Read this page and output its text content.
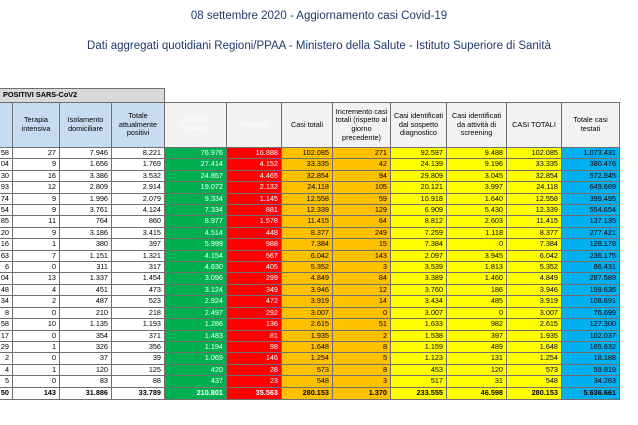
08 settembre 2020 - Aggiornamento casi Covid-19
Dati aggregati quotidiani Regioni/PPAA - Ministero della Salute - Istituto Superiore di Sanità
POSITIVI SARS-CoV2											
	Terapia intensiva	Isolamento domiciliare	Totale attualmente positivi	DIMESSI GUARITI	Deceduti	Casi totali	Incremento casi totali (rispetto al giorno precedente)	Casi identificati dal sospetto diagnostico	Casi identificati da attività di screening	CASI TOTALI	Totale casi testati
58	27	7.946	8.221	76.976	16.888	102.085	271	92.597	9.488	102.085	1.073.431
04	9	1.656	1.769	27.414	4.152	33.335	42	24.139	9.196	33.335	380.476
30	16	3.386	3.532	24.857	4.465	32.854	94	29.809	3.045	32.854	572.945
93	12	2.809	2.914	19.072	2.132	24.118	105	20.121	3.997	24.118	649.669
74	9	1.996	2.079	9.334	1.145	12.558	59	10.918	1.640	12.558	399.495
54	9	3.761	4.124	7.334	881	12.339	129	6.909	5.430	12.339	554.654
85	11	764	860	8.977	1.578	11.415	64	8.812	2.603	11.415	137.135
20	9	3.186	3.415	4.514	448	8.377	249	7.259	1.118	8.377	277.421
16	1	380	397	5.999	988	7.384	15	7.384	0	7.384	128.178
63	7	1.151	1.321	4.154	567	6.042	143	2.097	3.945	6.042	236.175
6	0	311	317	4.630	405	5.352	3	3.539	1.813	5.352	86.431
04	13	1.337	1.454	3.096	299	4.849	84	3.389	1.460	4.849	287.589
48	4	451	473	3.124	349	3.946	12	3.760	186	3.946	159.635
34	2	487	523	2.924	472	3.919	14	3.434	485	3.919	108.691
8	0	210	218	2.497	292	3.007	0	3.007	0	3.007	76.699
58	10	1.135	1.193	1.286	136	2.615	51	1.633	982	2.615	127.300
17	0	354	371	1.483	81	1.935	2	1.538	397	1.935	102.037
29	1	326	356	1.194	98	1.648	8	1.159	489	1.648	165.632
2	0	37	39	1.069	146	1.254	5	1.123	131	1.254	18.188
4	1	120	125	420	28	573	8	453	120	573	59.819
5	0	83	88	437	23	548	3	517	31	548	34.263
50	143	31.886	33.789	210.801	35.563	280.153	1.370	233.555	46.598	280.153	5.636.661
